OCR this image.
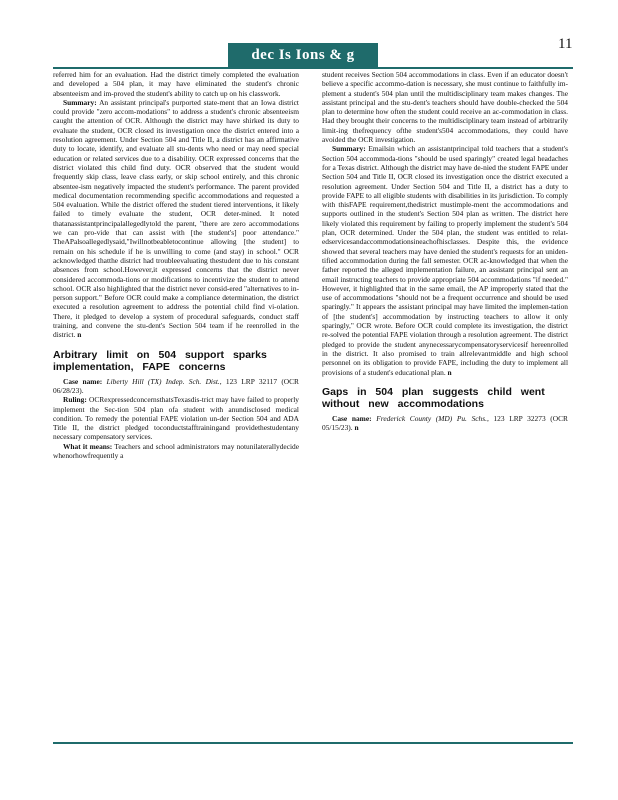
11
dec Is Ions & g uIdance

referred him for an evaluation. Had the district timely completed the evaluation and developed a 504 plan, it may have eliminated the student's chronic absenteeism and im-proved the student's ability to catch up on his classwork.

Summary: An assistant principal's purported state-ment that an Iowa district could provide "zero accom-modations" to address a student's chronic absenteeism caught the attention of OCR. Although the district may have shirked its duty to evaluate the student, OCR closed its investigation once the district entered into a resolution agreement. Under Section 504 and Title II, a district has an affirmative duty to locate, identify, and evaluate all stu-dents who need or may need special education or related services due to a disability. OCR expressed concerns that the district violated this child find duty. OCR observed that the student would frequently skip class, leave class early, or skip school entirely, and this chronic absentee-ism negatively impacted the student's performance. The parent provided medical documentation recommending specific accommodations and requested a 504 evaluation. While the district offered the student tiered interventions, it likely failed to timely evaluate the student, OCR deter-mined. It noted thatanassistantprincipalallegedlytold the parent, "there are zero accommodations we can pro-vide that can assist with [the student's] poor attendance." TheAPalsoallegedlysaid,"Iwillnotbeabletocontinue allowing [the student] to remain on his schedule if he is unwilling to come (and stay) in school." OCR acknowledged thatthe district had troubleevaluating thestudent due to his constant absences from school.However,it expressed concerns that the district never considered accommoda-tions or modifications to incentivize the student to attend school. OCR also highlighted that the district never consid-ered "alternatives to in-person support." Before OCR could make a compliance determination, the district executed a resolution agreement to address the potential child find vi-olation. There, it pledged to develop a system of procedural safeguards, conduct staff training, and convene the stu-dent's Section 504 team if he reenrolled in the district. n

Arbitrary limit on 504 support sparks implementation, FAPE concerns

Case name: Liberty Hill (TX) Indep. Sch. Dist., 123 LRP 32117 (OCR 06/28/23).

Ruling: OCRexpressedconcernsthatsTexasdis-trict may have failed to properly implement the Sec-tion 504 plan ofa student with anundisclosed medical condition. To remedy the potential FAPE violation un-der Section 504 and ADA Title II, the district pledged toconductstafftrainingand providethestudentany necessary compensatory services.

What it means: Teachers and school administrators may notunilaterallydecide whenorhowfrequently a

student receives Section 504 accommodations in class. Even if an educator doesn't believe a specific accommo-dation is necessary, she must continue to faithfully im-plement a student's 504 plan until the multidisciplinary team makes changes. The assistant principal and the stu-dent's teachers should have double-checked the 504 plan to determine how often the student could receive an ac-commodation in class. Had they brought their concerns to the multidisciplinary team instead of arbitrarily limit-ing thefrequency ofthe student's504 accommodations, they could have avoided the OCR investigation.

Summary: Emailsin which an assistantprincipal told teachers that a student's Section 504 accommoda-tions "should be used sparingly" created legal headaches for a Texas district. Although the district may have de-nied the student FAPE under Section 504 and Title II, OCR closed its investigation once the district executed a resolution agreement. Under Section 504 and Title II, a district has a duty to provide FAPE to all eligible students with disabilities in its jurisdiction. To comply with thisFAPE requirement,thedistrict mustimple-ment the accommodations and supports outlined in the student's Section 504 plan as written. The district here likely violated this requirement by failing to properly implement the student's 504 plan, OCR determined. Under the 504 plan, the student was entitled to relat-edservicesandaccommodationsineachofhisclasses. Despite this, the evidence showed that several teachers may have denied the student's requests for an uniden-tified accommodation during the fall semester. OCR ac-knowledged that when the father reported the alleged implementation failure, an assistant principal sent an email instructing teachers to provide appropriate 504 accommodations "if needed." However, it highlighted that in the same email, the AP improperly stated that the use of accommodations "should not be a frequent occurrence and should be used sparingly." It appears the assistant principal may have limited the implemen-tation of [the student's] accommodation by instructing teachers to allow it only sparingly," OCR wrote. Before OCR could complete its investigation, the district re-solved the potential FAPE violation through a resolution agreement. The district pledged to provide the student anynecessarycompensatoryservicesif hereenrolled in the district. It also promised to train allrelevantmiddle and high school personnel on its obligation to provide FAPE, including the duty to implement all provisions of a student's educational plan. n

Gaps in 504 plan suggests child went without new accommodations

Case name: Frederick County (MD) Pu. Schs., 123 LRP 32273 (OCR 05/15/23). n
